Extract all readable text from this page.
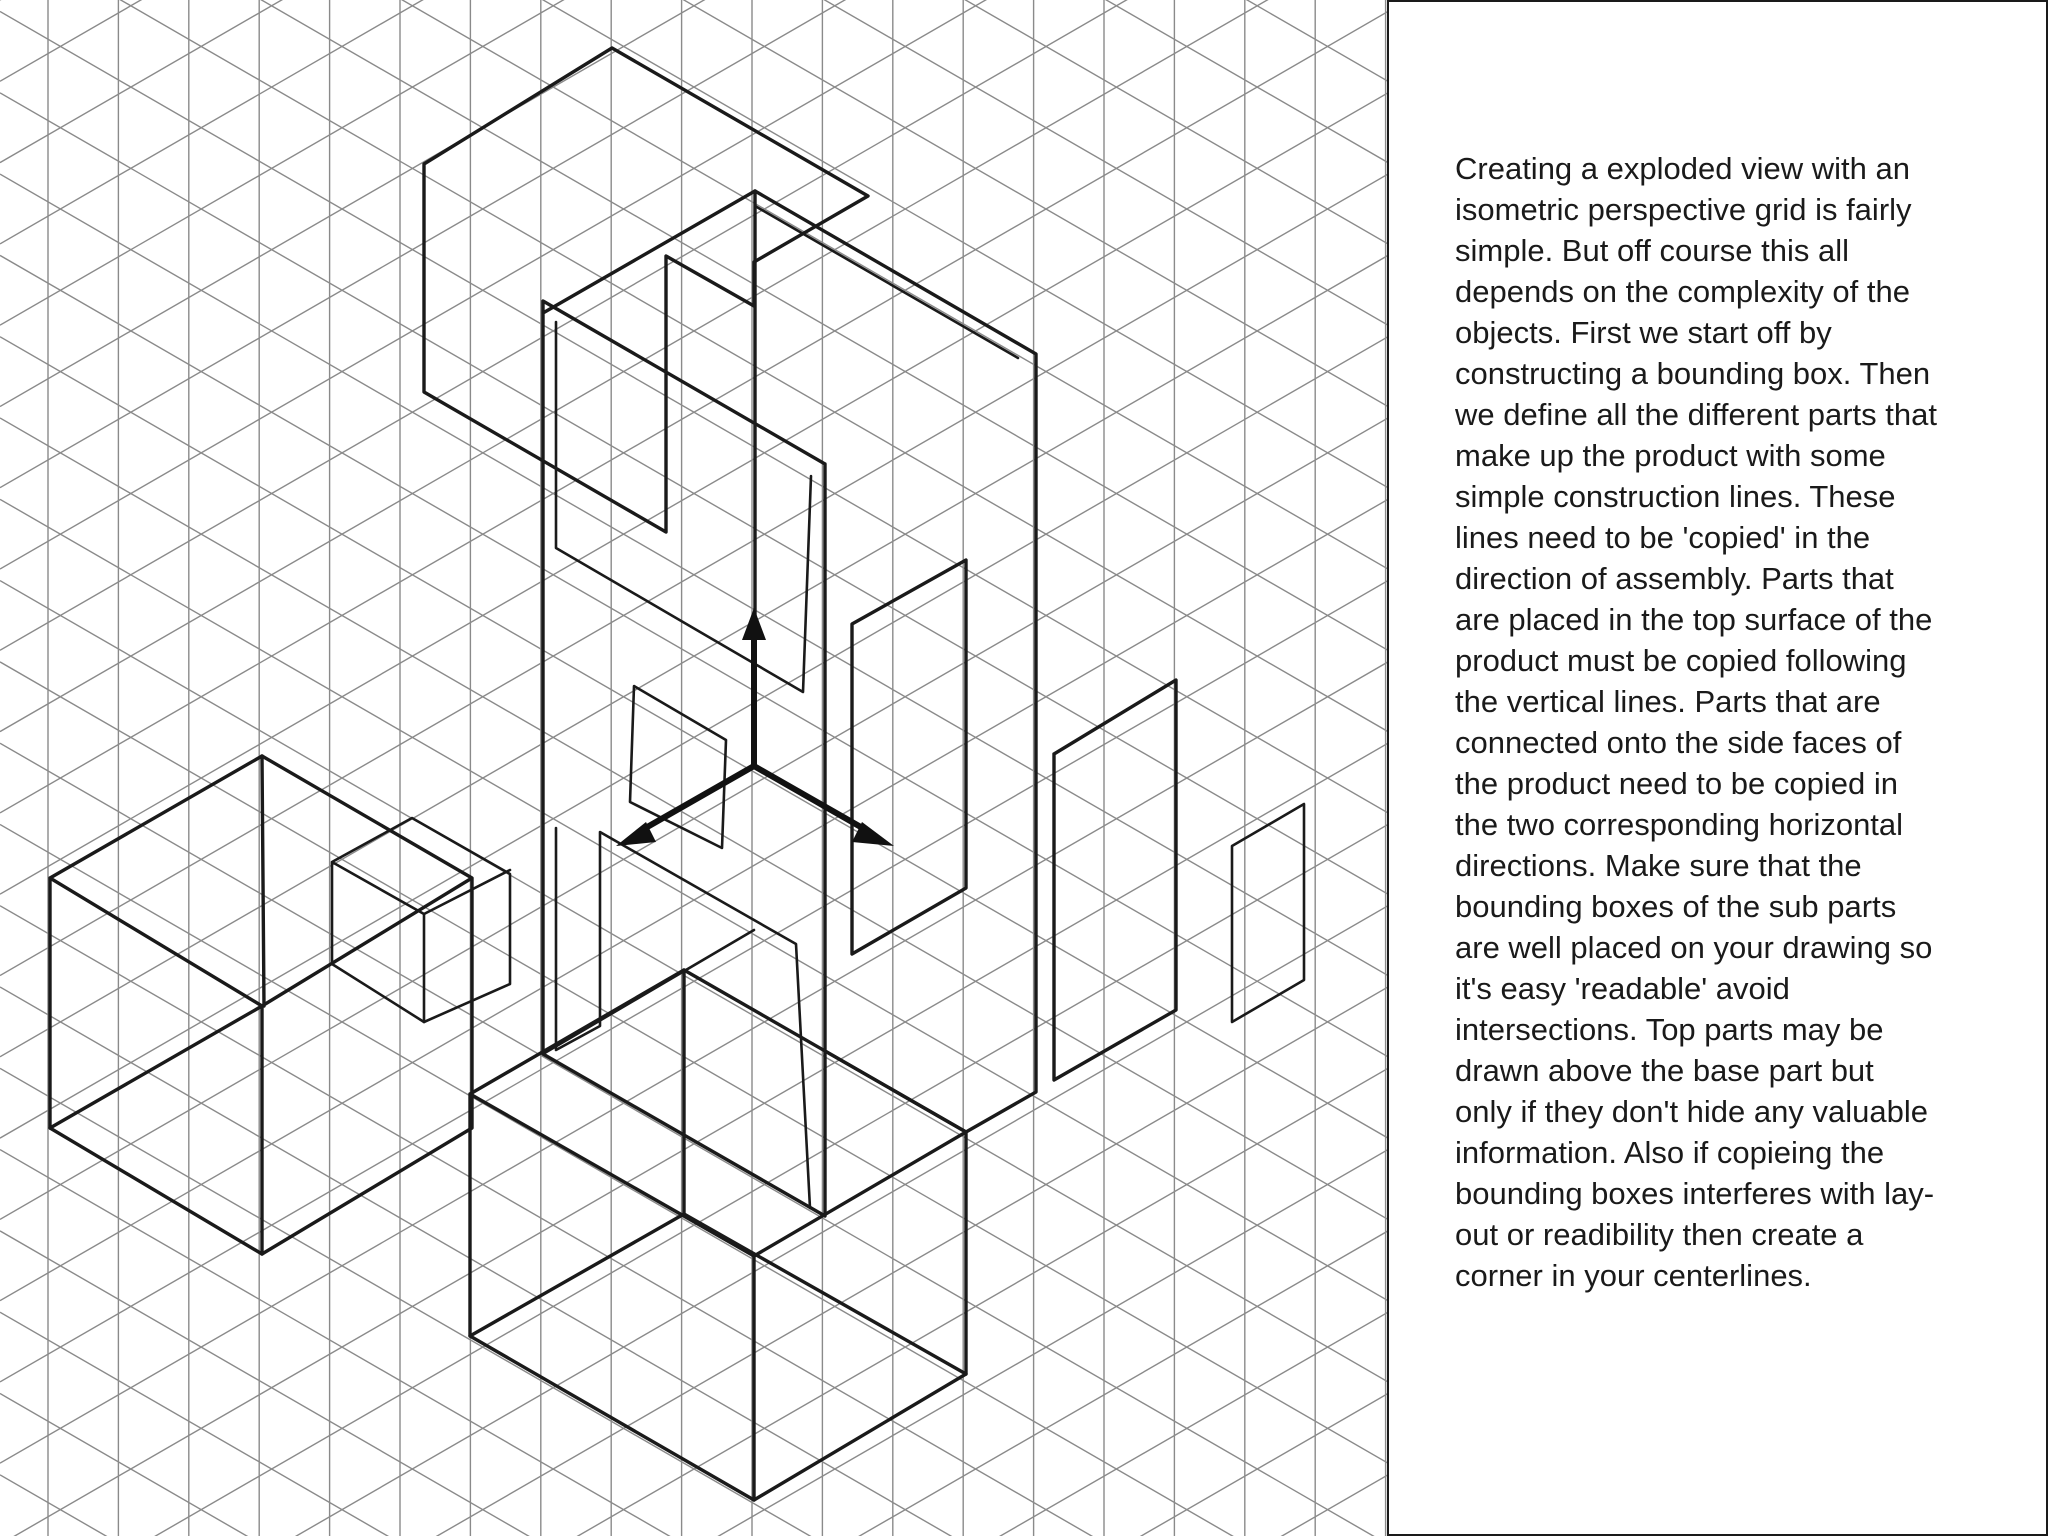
Creating a exploded view with an
isometric perspective grid is fairly
simple. But off course this all
depends on the complexity of the
objects. First we start off by
constructing a bounding box. Then
we define all the different parts that
make up the product with some
simple construction lines. These
lines need to be 'copied' in the
direction of assembly. Parts that
are placed in the top surface of the
product must be copied following
the vertical lines. Parts that are
connected onto the side faces of
the product need to be copied in
the two corresponding horizontal
directions. Make sure that the
bounding boxes of the sub parts
are well placed on your drawing so
it's easy 'readable' avoid
intersections. Top parts may be
drawn above the base part but
only if they don't hide any valuable
information. Also if copieing the
bounding boxes interferes with lay-
out or readibility then create a
corner in your centerlines.
